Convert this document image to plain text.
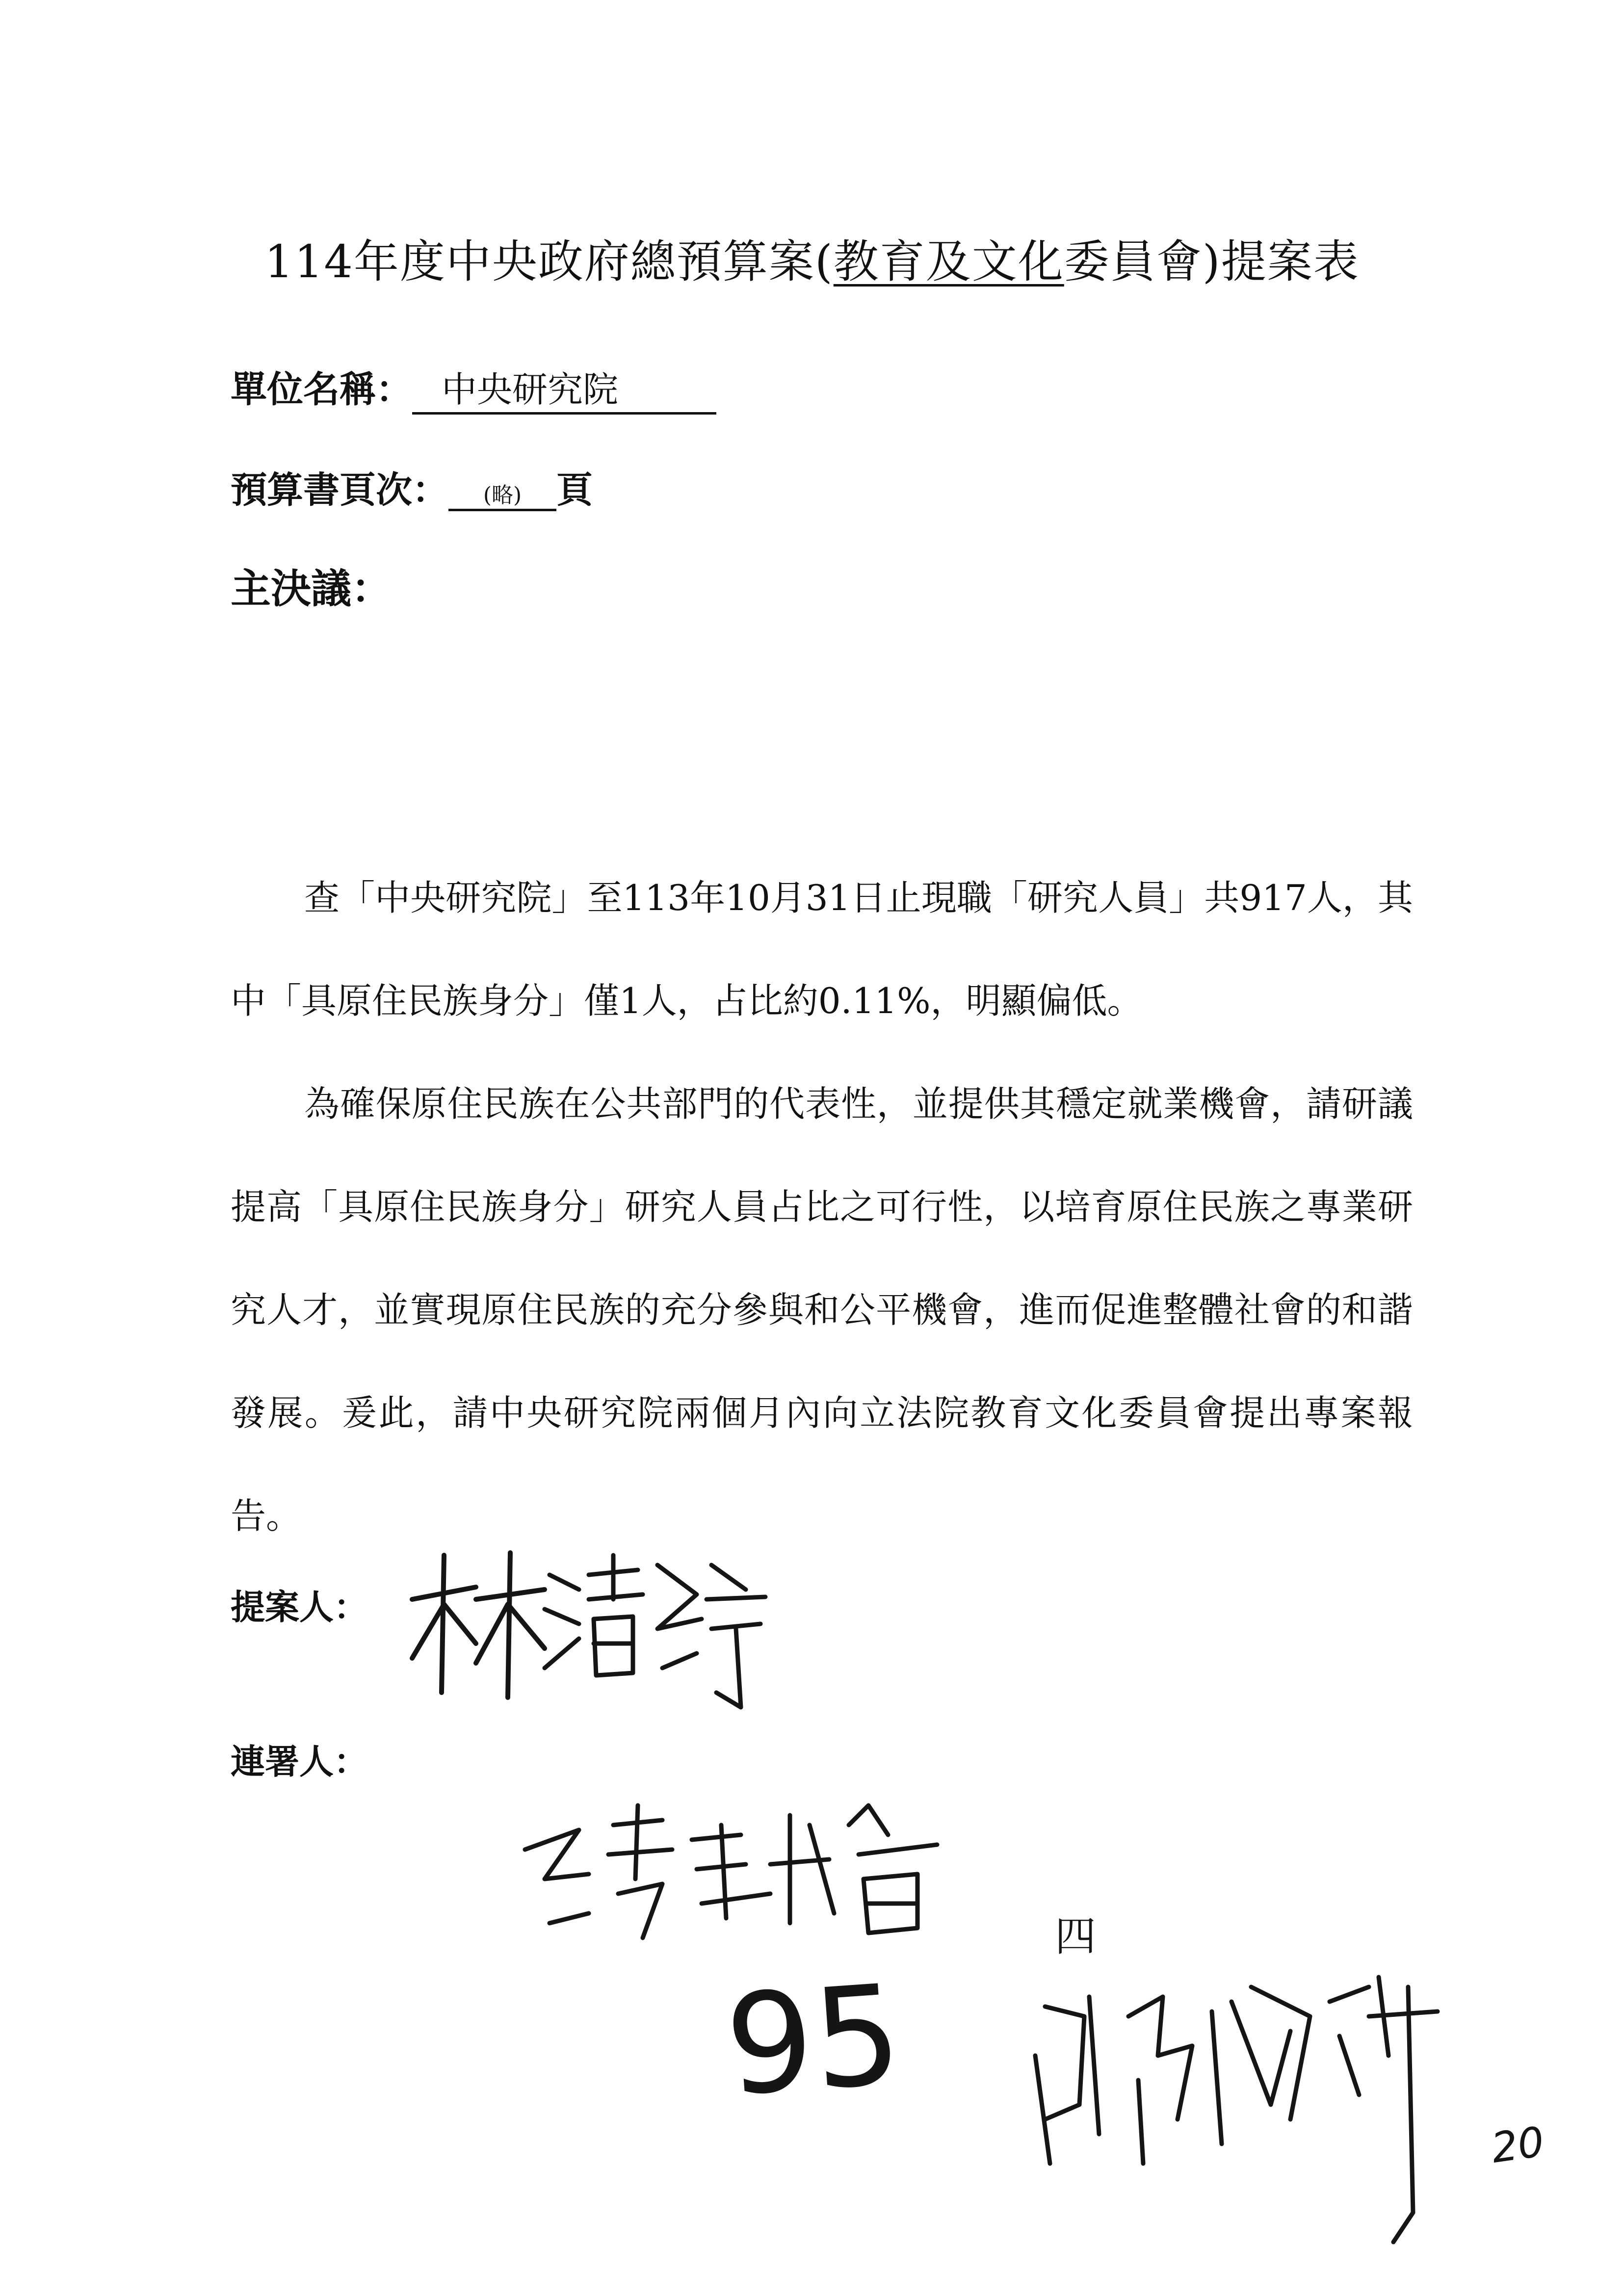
114年度中央政府總預算案(教育及文化委員會)提案表
單位名稱： 中央研究院
預算書頁次： (略) 頁
主決議：

查「中央研究院」至113年10月31日止現職「研究人員」共917人，其中「具原住民族身分」僅1人，占比約0.11%，明顯偏低。

為確保原住民族在公共部門的代表性，並提供其穩定就業機會，請研議提高「具原住民族身分」研究人員占比之可行性，以培育原住民族之專業研究人才，並實現原住民族的充分參與和公平機會，進而促進整體社會的和諧發展。爰此，請中央研究院兩個月內向立法院教育文化委員會提出專案報告。

提案人：
連署人：
95
四
20
